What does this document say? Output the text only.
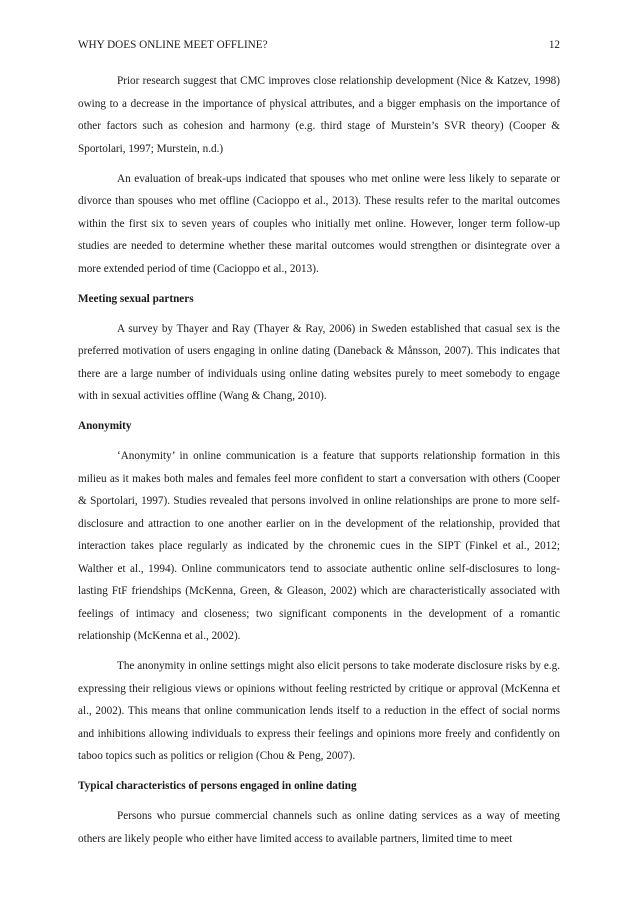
WHY DOES ONLINE MEET OFFLINE?	12

Prior research suggest that CMC improves close relationship development (Nice & Katzev, 1998) owing to a decrease in the importance of physical attributes, and a bigger emphasis on the importance of other factors such as cohesion and harmony (e.g. third stage of Murstein’s SVR theory) (Cooper & Sportolari, 1997; Murstein, n.d.)

An evaluation of break-ups indicated that spouses who met online were less likely to separate or divorce than spouses who met offline (Cacioppo et al., 2013). These results refer to the marital outcomes within the first six to seven years of couples who initially met online. However, longer term follow-up studies are needed to determine whether these marital outcomes would strengthen or disintegrate over a more extended period of time (Cacioppo et al., 2013).

Meeting sexual partners

A survey by Thayer and Ray (Thayer & Ray, 2006) in Sweden established that casual sex is the preferred motivation of users engaging in online dating (Daneback & Månsson, 2007). This indicates that there are a large number of individuals using online dating websites purely to meet somebody to engage with in sexual activities offline (Wang & Chang, 2010).

Anonymity

‘Anonymity’ in online communication is a feature that supports relationship formation in this milieu as it makes both males and females feel more confident to start a conversation with others (Cooper & Sportolari, 1997). Studies revealed that persons involved in online relationships are prone to more self-disclosure and attraction to one another earlier on in the development of the relationship, provided that interaction takes place regularly as indicated by the chronemic cues in the SIPT (Finkel et al., 2012; Walther et al., 1994). Online communicators tend to associate authentic online self-disclosures to long-lasting FtF friendships (McKenna, Green, & Gleason, 2002) which are characteristically associated with feelings of intimacy and closeness; two significant components in the development of a romantic relationship (McKenna et al., 2002).

The anonymity in online settings might also elicit persons to take moderate disclosure risks by e.g. expressing their religious views or opinions without feeling restricted by critique or approval (McKenna et al., 2002). This means that online communication lends itself to a reduction in the effect of social norms and inhibitions allowing individuals to express their feelings and opinions more freely and confidently on taboo topics such as politics or religion (Chou & Peng, 2007).

Typical characteristics of persons engaged in online dating

Persons who pursue commercial channels such as online dating services as a way of meeting others are likely people who either have limited access to available partners, limited time to meet
